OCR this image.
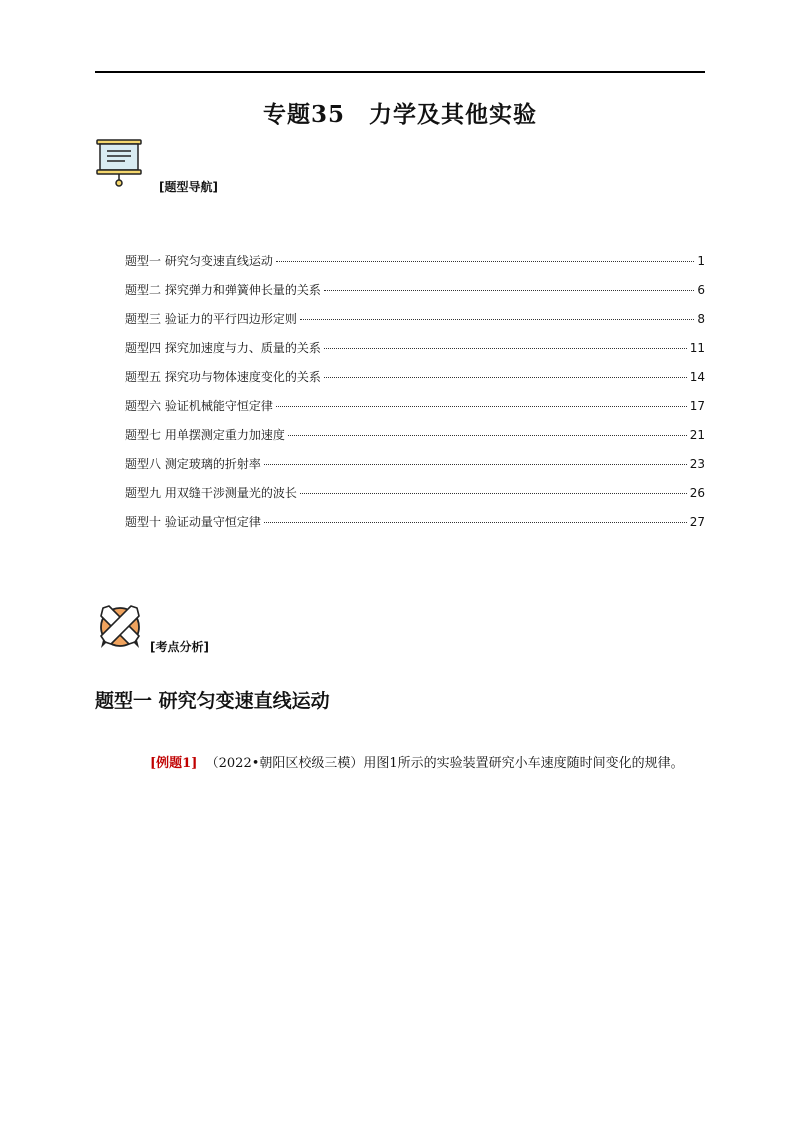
专题35　力学及其他实验
[题型导航]
题型一 研究匀变速直线运动	1
题型二 探究弹力和弹簧伸长量的关系	6
题型三 验证力的平行四边形定则	8
题型四 探究加速度与力、质量的关系	11
题型五 探究功与物体速度变化的关系	14
题型六 验证机械能守恒定律	17
题型七 用单摆测定重力加速度	21
题型八 测定玻璃的折射率	23
题型九 用双缝干涉测量光的波长	26
题型十 验证动量守恒定律	27
[考点分析]
题型一 研究匀变速直线运动
[例题1] （2022•朝阳区校级三模）用图1所示的实验装置研究小车速度随时间变化的规律。
